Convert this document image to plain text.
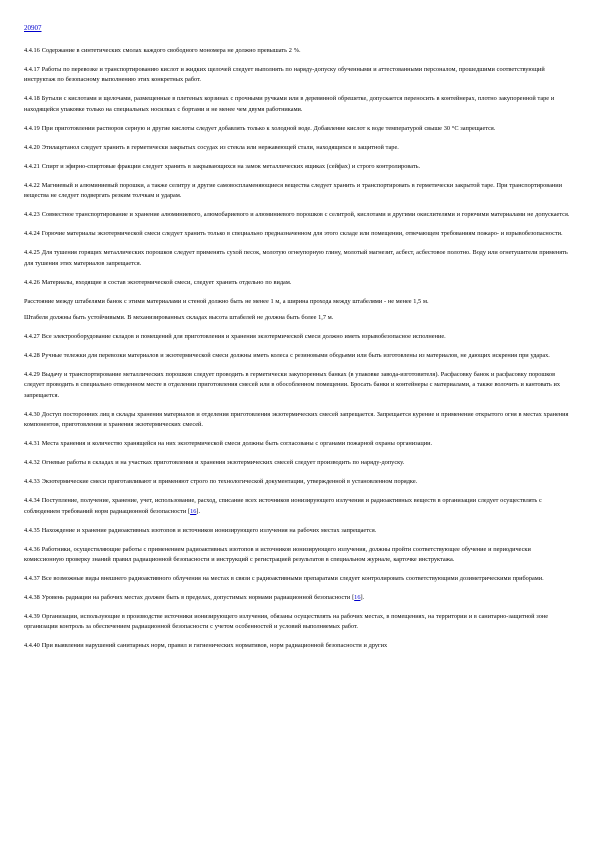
20907

4.4.16 Содержание в синтетических смолах каждого свободного мономера не должно превышать 2 %.

4.4.17 Работы по перевозке и транспортированию кислот и жидких щелочей следует выполнять по наряду-допуску обученными и аттестованными персоналом, прошедшими соответствующий инструктаж по безопасному выполнению этих конкретных работ.

4.4.18 Бутыли с кислотами и щелочами, размещенные в плетеных корзинах с прочными ручками или в деревянной обрешетке, допускается переносить в контейнерах, плотно закупоренной таре и находящейся упаковке только на специальных носилках с бортами и не менее чем двумя работниками.

4.4.19 При приготовлении растворов серную и другие кислоты следует добавлять только к холодной воде. Добавление кислот к воде температурой свыше 30 °С запрещается.

4.4.20 Этилацетанол следует хранить в герметически закрытых сосудах из стекла или нержавеющей стали, находящихся в защитной таре.

4.4.21 Спирт и эфирно-спиртовые фракции следует хранить в закрывающихся на замок металлических ящиках (сейфах) и строго контролировать.

4.4.22 Магниевый и алюминиевый порошки, а также селитру и другие самовоспламеняющиеся вещества следует хранить и транспортировать в герметически закрытой таре. При транспортировании вещества не следует подвергать резким толчкам и ударам.

4.4.23 Совместное транспортирование и хранение алюминиевого, алюмобариевого и алюминиевого порошков с селитрой, кислотами и другими окислителями и горючими материалами не допускается.

4.4.24 Горючие материалы экзотермической смеси следует хранить только в специально предназначенном для этого складе или помещении, отвечающем требованиям пожаро- и взрывобезопасности.

4.4.25 Для тушения горящих металлических порошков следует применять сухой песок, молотую огнеупорную глину, молотый магнезит, асбест, асбестовое полотно. Воду или огнетушители применять для тушения этих материалов запрещается.

4.4.26 Материалы, входящие в состав экзотермической смеси, следует хранить отдельно по видам.

Расстояние между штабелями банок с этими материалами и стеной должно быть не менее 1 м, а ширина прохода между штабелями - не менее 1,5 м.

Штабеля должны быть устойчивыми. В механизированных складах высота штабелей не должна быть более 1,7 м.

4.4.27 Все электрооборудование складов и помещений для приготовления и хранения экзотермической смеси должно иметь взрывобезопасное исполнение.

4.4.28 Ручные тележки для перевозки материалов и экзотермической смеси должны иметь колеса с резиновыми ободьями или быть изготовлены из материалов, не дающих искрения при ударах.

4.4.29 Выдачу и транспортирование металлических порошков следует проводить в герметически закупоренных банках (в упаковке завода-изготовителя). Расфасовку банок и расфасовку порошков следует проводить в специально отведенном месте в отделении приготовления смесей или в обособленном помещении. Бросать банки и контейнеры с материалами, а также волочить и кантовать их запрещается.

4.4.30 Доступ посторонних лиц в склады хранения материалов и отделения приготовления экзотермических смесей запрещается. Запрещается курение и применение открытого огня в местах хранения компонентов, приготовления и хранения экзотермических смесей.

4.4.31 Места хранения и количество хранящейся на них экзотермической смеси должны быть согласованы с органами пожарной охраны организации.

4.4.32 Огневые работы в складах и на участках приготовления и хранения экзотермических смесей следует производить по наряду-допуску.

4.4.33 Экзотермические смеси приготавливают и применяют строго по технологической документации, утвержденной в установленном порядке.

4.4.34 Поступление, получение, хранение, учет, использование, расход, списание всех источников ионизирующего излучения и радиоактивных веществ в организации следует осуществлять с соблюдением требований норм радиационной безопасности [16].

4.4.35 Нахождение и хранение радиоактивных изотопов и источников ионизирующего излучения на рабочих местах запрещается.

4.4.36 Работники, осуществляющие работы с применением радиоактивных изотопов и источников ионизирующего излучения, должны пройти соответствующее обучение и периодически комиссионную проверку знаний правил радиационной безопасности и инструкций с регистрацией результатов в специальном журнале, карточке инструктажа.

4.4.37 Все возможные виды внешнего радиоактивного облучения на местах в связи с радиоактивными препаратами следует контролировать соответствующими дозиметрическими приборами.

4.4.38 Уровень радиации на рабочих местах должен быть в пределах, допустимых нормами радиационной безопасности [16].

4.4.39 Организации, использующие в производстве источники ионизирующего излучения, обязаны осуществлять на рабочих местах, в помещениях, на территории и в санитарно-защитной зоне организации контроль за обеспечением радиационной безопасности с учетом особенностей и условий выполняемых работ.

4.4.40 При выявлении нарушений санитарных норм, правил и гигиенических нормативов, норм радиационной безопасности и других
